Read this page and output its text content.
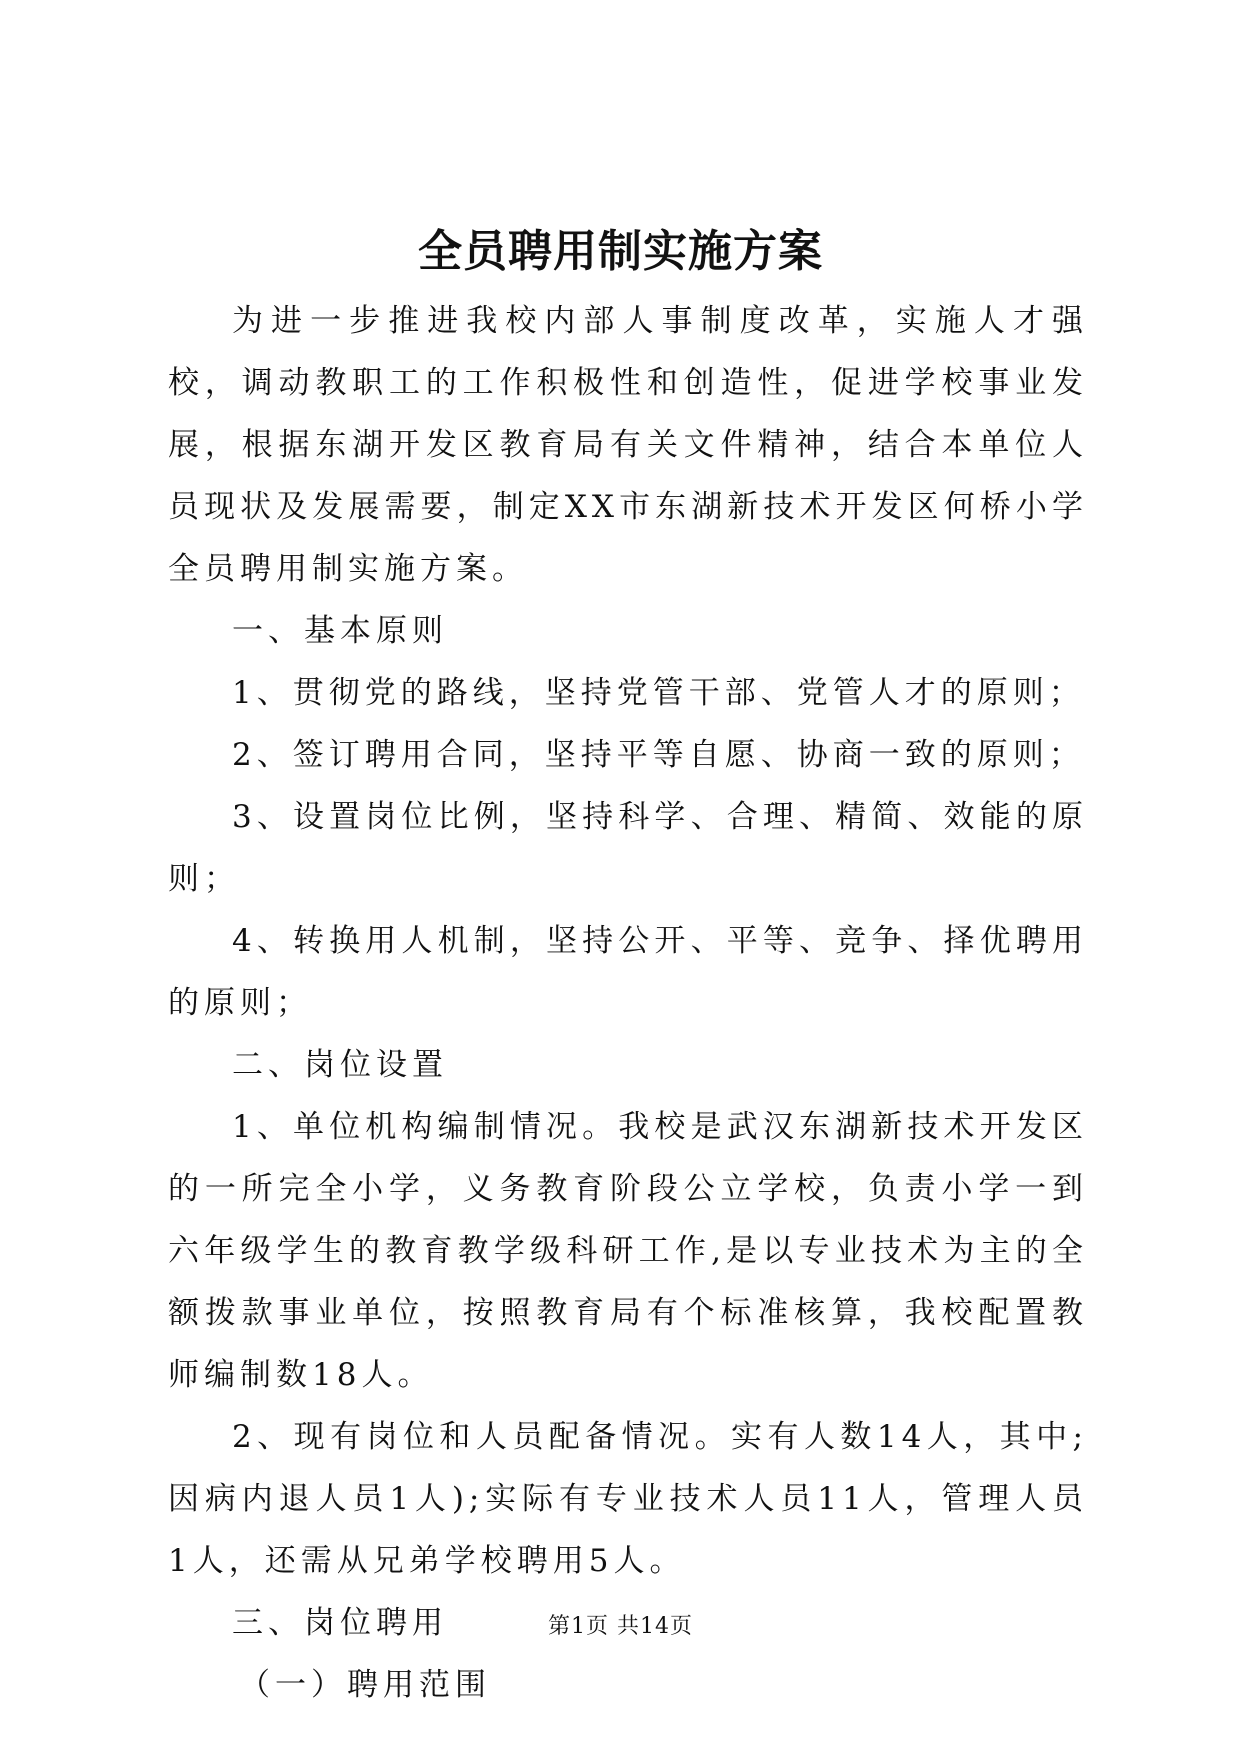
全员聘用制实施方案

为进一步推进我校内部人事制度改革，实施人才强校，调动教职工的工作积极性和创造性，促进学校事业发展，根据东湖开发区教育局有关文件精神，结合本单位人员现状及发展需要，制定XX市东湖新技术开发区何桥小学全员聘用制实施方案。

一、基本原则

1、贯彻党的路线，坚持党管干部、党管人才的原则；

2、签订聘用合同，坚持平等自愿、协商一致的原则；

3、设置岗位比例，坚持科学、合理、精简、效能的原则；

4、转换用人机制，坚持公开、平等、竞争、择优聘用的原则；

二、岗位设置

1、单位机构编制情况。我校是武汉东湖新技术开发区的一所完全小学，义务教育阶段公立学校，负责小学一到六年级学生的教育教学级科研工作,是以专业技术为主的全额拨款事业单位，按照教育局有个标准核算，我校配置教师编制数18人。

2、现有岗位和人员配备情况。实有人数14人，其中;因病内退人员1人);实际有专业技术人员11人，管理人员1人，还需从兄弟学校聘用5人。

三、岗位聘用

（一）聘用范围

第1页 共14页
